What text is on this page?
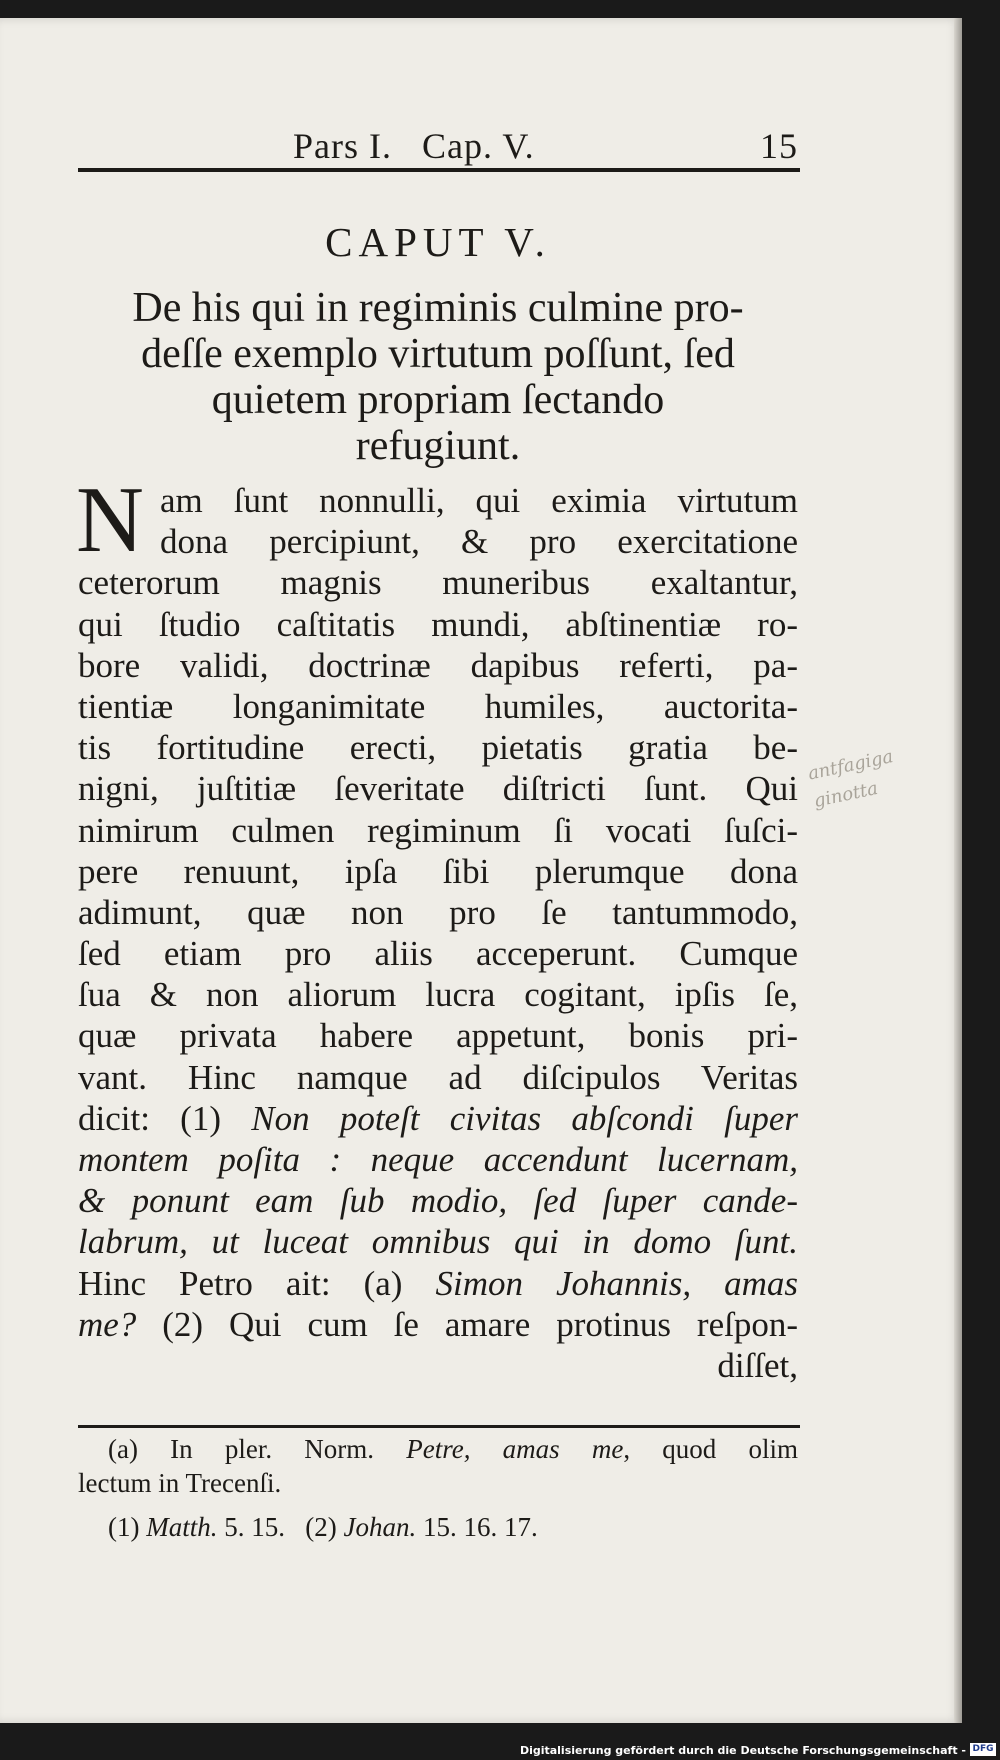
Pars I.   Cap. V.	15
CAPUT V.
De his qui in regiminis culmine pro-
deſſe exemplo virtutum poſſunt, ſed
quietem propriam ſectando
refugiunt.
N am ſunt nonnulli, qui eximia virtutum
dona percipiunt, & pro exercitatione
ceterorum magnis muneribus exaltantur,
qui ſtudio caſtitatis mundi, abſtinentiæ ro-
bore validi, doctrinæ dapibus referti, pa-
tientiæ longanimitate humiles, auctorita-
tis fortitudine erecti, pietatis gratia be-
nigni, juſtitiæ ſeveritate diſtricti ſunt. Qui
nimirum culmen regiminum ſi vocati ſuſci-
pere renuunt, ipſa ſibi plerumque dona
adimunt, quæ non pro ſe tantummodo,
ſed etiam pro aliis acceperunt. Cumque
ſua & non aliorum lucra cogitant, ipſis ſe,
quæ privata habere appetunt, bonis pri-
vant. Hinc namque ad diſcipulos Veritas
dicit: (1) Non poteſt civitas abſcondi ſuper
montem poſita : neque accendunt lucernam,
& ponunt eam ſub modio, ſed ſuper cande-
labrum, ut luceat omnibus qui in domo ſunt.
Hinc Petro ait: (a) Simon Johannis, amas
me? (2) Qui cum ſe amare protinus reſpon-
diſſet,
antfagiga
ginotta
(a) In pler. Norm. Petre, amas me, quod olim
lectum in Trecenſi.
(1) Matth. 5. 15.   (2) Johan. 15. 16. 17.
Digitalisierung gefördert durch die Deutsche Forschungsgemeinschaft - DFG
